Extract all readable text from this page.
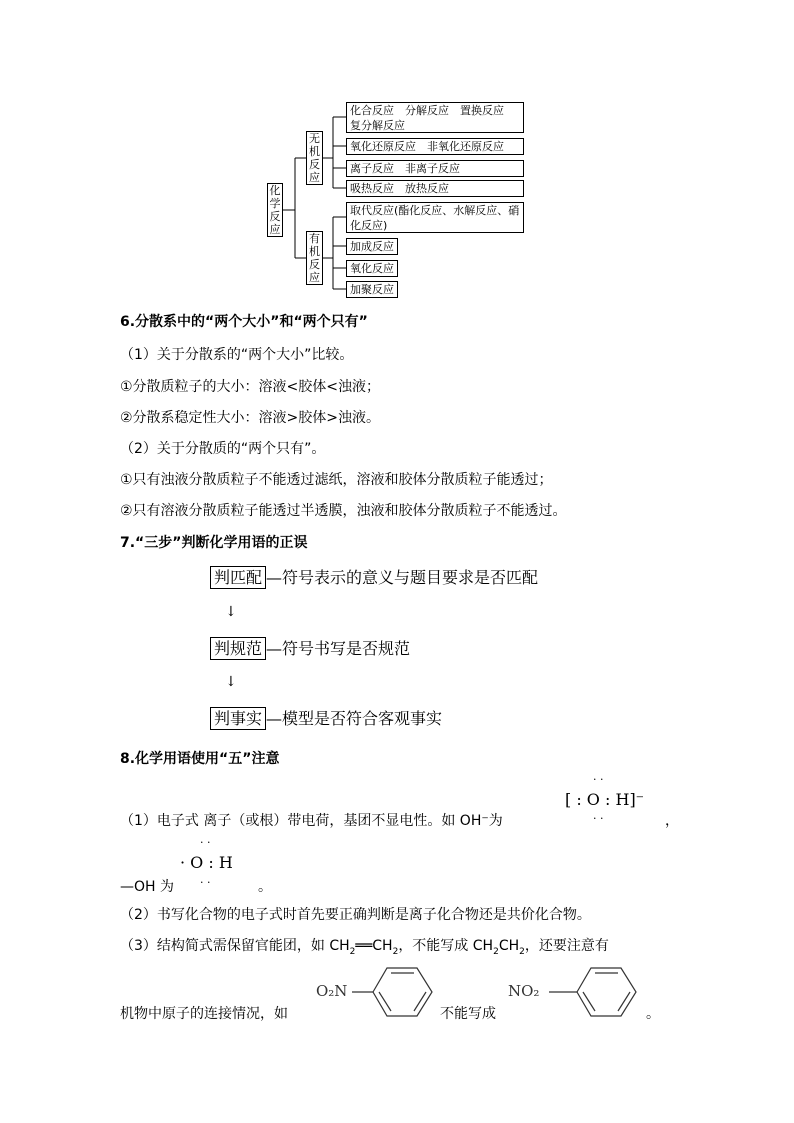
化学反应
无机反应
有机反应
化合反应　分解反应　置换反应
复分解反应
氧化还原反应　非氧化还原反应
离子反应　非离子反应
吸热反应　放热反应
取代反应(酯化反应、水解反应、硝
化反应)
加成反应
氧化反应
加聚反应
6.分散系中的“两个大小”和“两个只有”
（1）关于分散系的“两个大小”比较。
①分散质粒子的大小：溶液<胶体<浊液；
②分散系稳定性大小：溶液>胶体>浊液。
（2）关于分散质的“两个只有”。
①只有浊液分散质粒子不能透过滤纸，溶液和胶体分散质粒子能透过；
②只有溶液分散质粒子能透过半透膜，浊液和胶体分散质粒子不能透过。
7.“三步”判断化学用语的正误
判匹配 —符号表示的意义与题目要求是否匹配
↓
判规范 —符号书写是否规范
↓
判事实 —模型是否符合客观事实
8.化学用语使用“五”注意
· ·
[ : O : H]⁻
· ·
（1）电子式 离子（或根）带电荷，基团不显电性。如 OH⁻为	，
· ·
· O : H
· ·
—OH 为	。
（2）书写化合物的电子式时首先要正确判断是离子化合物还是共价化合物。
（3）结构简式需保留官能团，如 $CH_2══CH_2$，不能写成 $CH_2CH_2$，还要注意有
机物中原子的连接情况，如
O₂N
不能写成
NO₂
。
